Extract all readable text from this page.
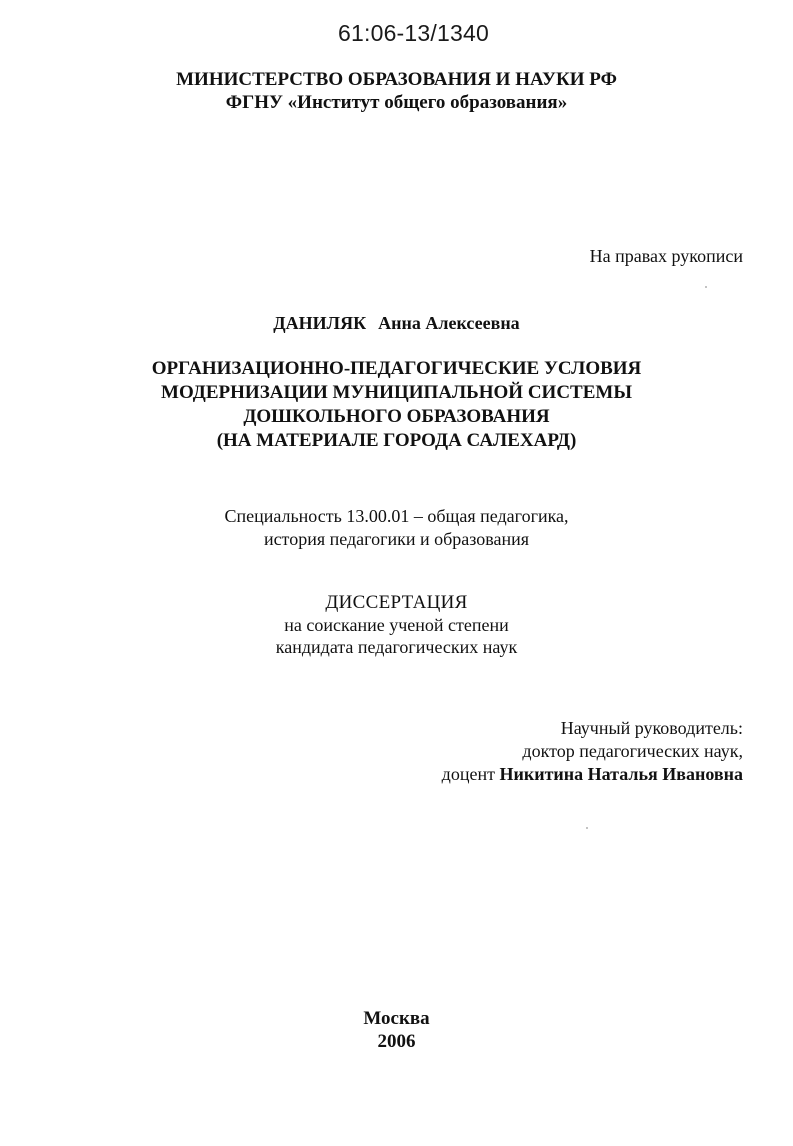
61:06-13/1340
МИНИСТЕРСТВО ОБРАЗОВАНИЯ И НАУКИ РФ
ФГНУ «Институт общего образования»
На правах рукописи
ДАНИЛЯК Анна Алексеевна
ОРГАНИЗАЦИОННО-ПЕДАГОГИЧЕСКИЕ УСЛОВИЯ
МОДЕРНИЗАЦИИ МУНИЦИПАЛЬНОЙ СИСТЕМЫ
ДОШКОЛЬНОГО ОБРАЗОВАНИЯ
(НА МАТЕРИАЛЕ ГОРОДА САЛЕХАРД)
Специальность 13.00.01 – общая педагогика,
история педагогики и образования
ДИССЕРТАЦИЯ
на соискание ученой степени
кандидата педагогических наук
Научный руководитель:
доктор педагогических наук,
доцент Никитина Наталья Ивановна
Москва
2006
